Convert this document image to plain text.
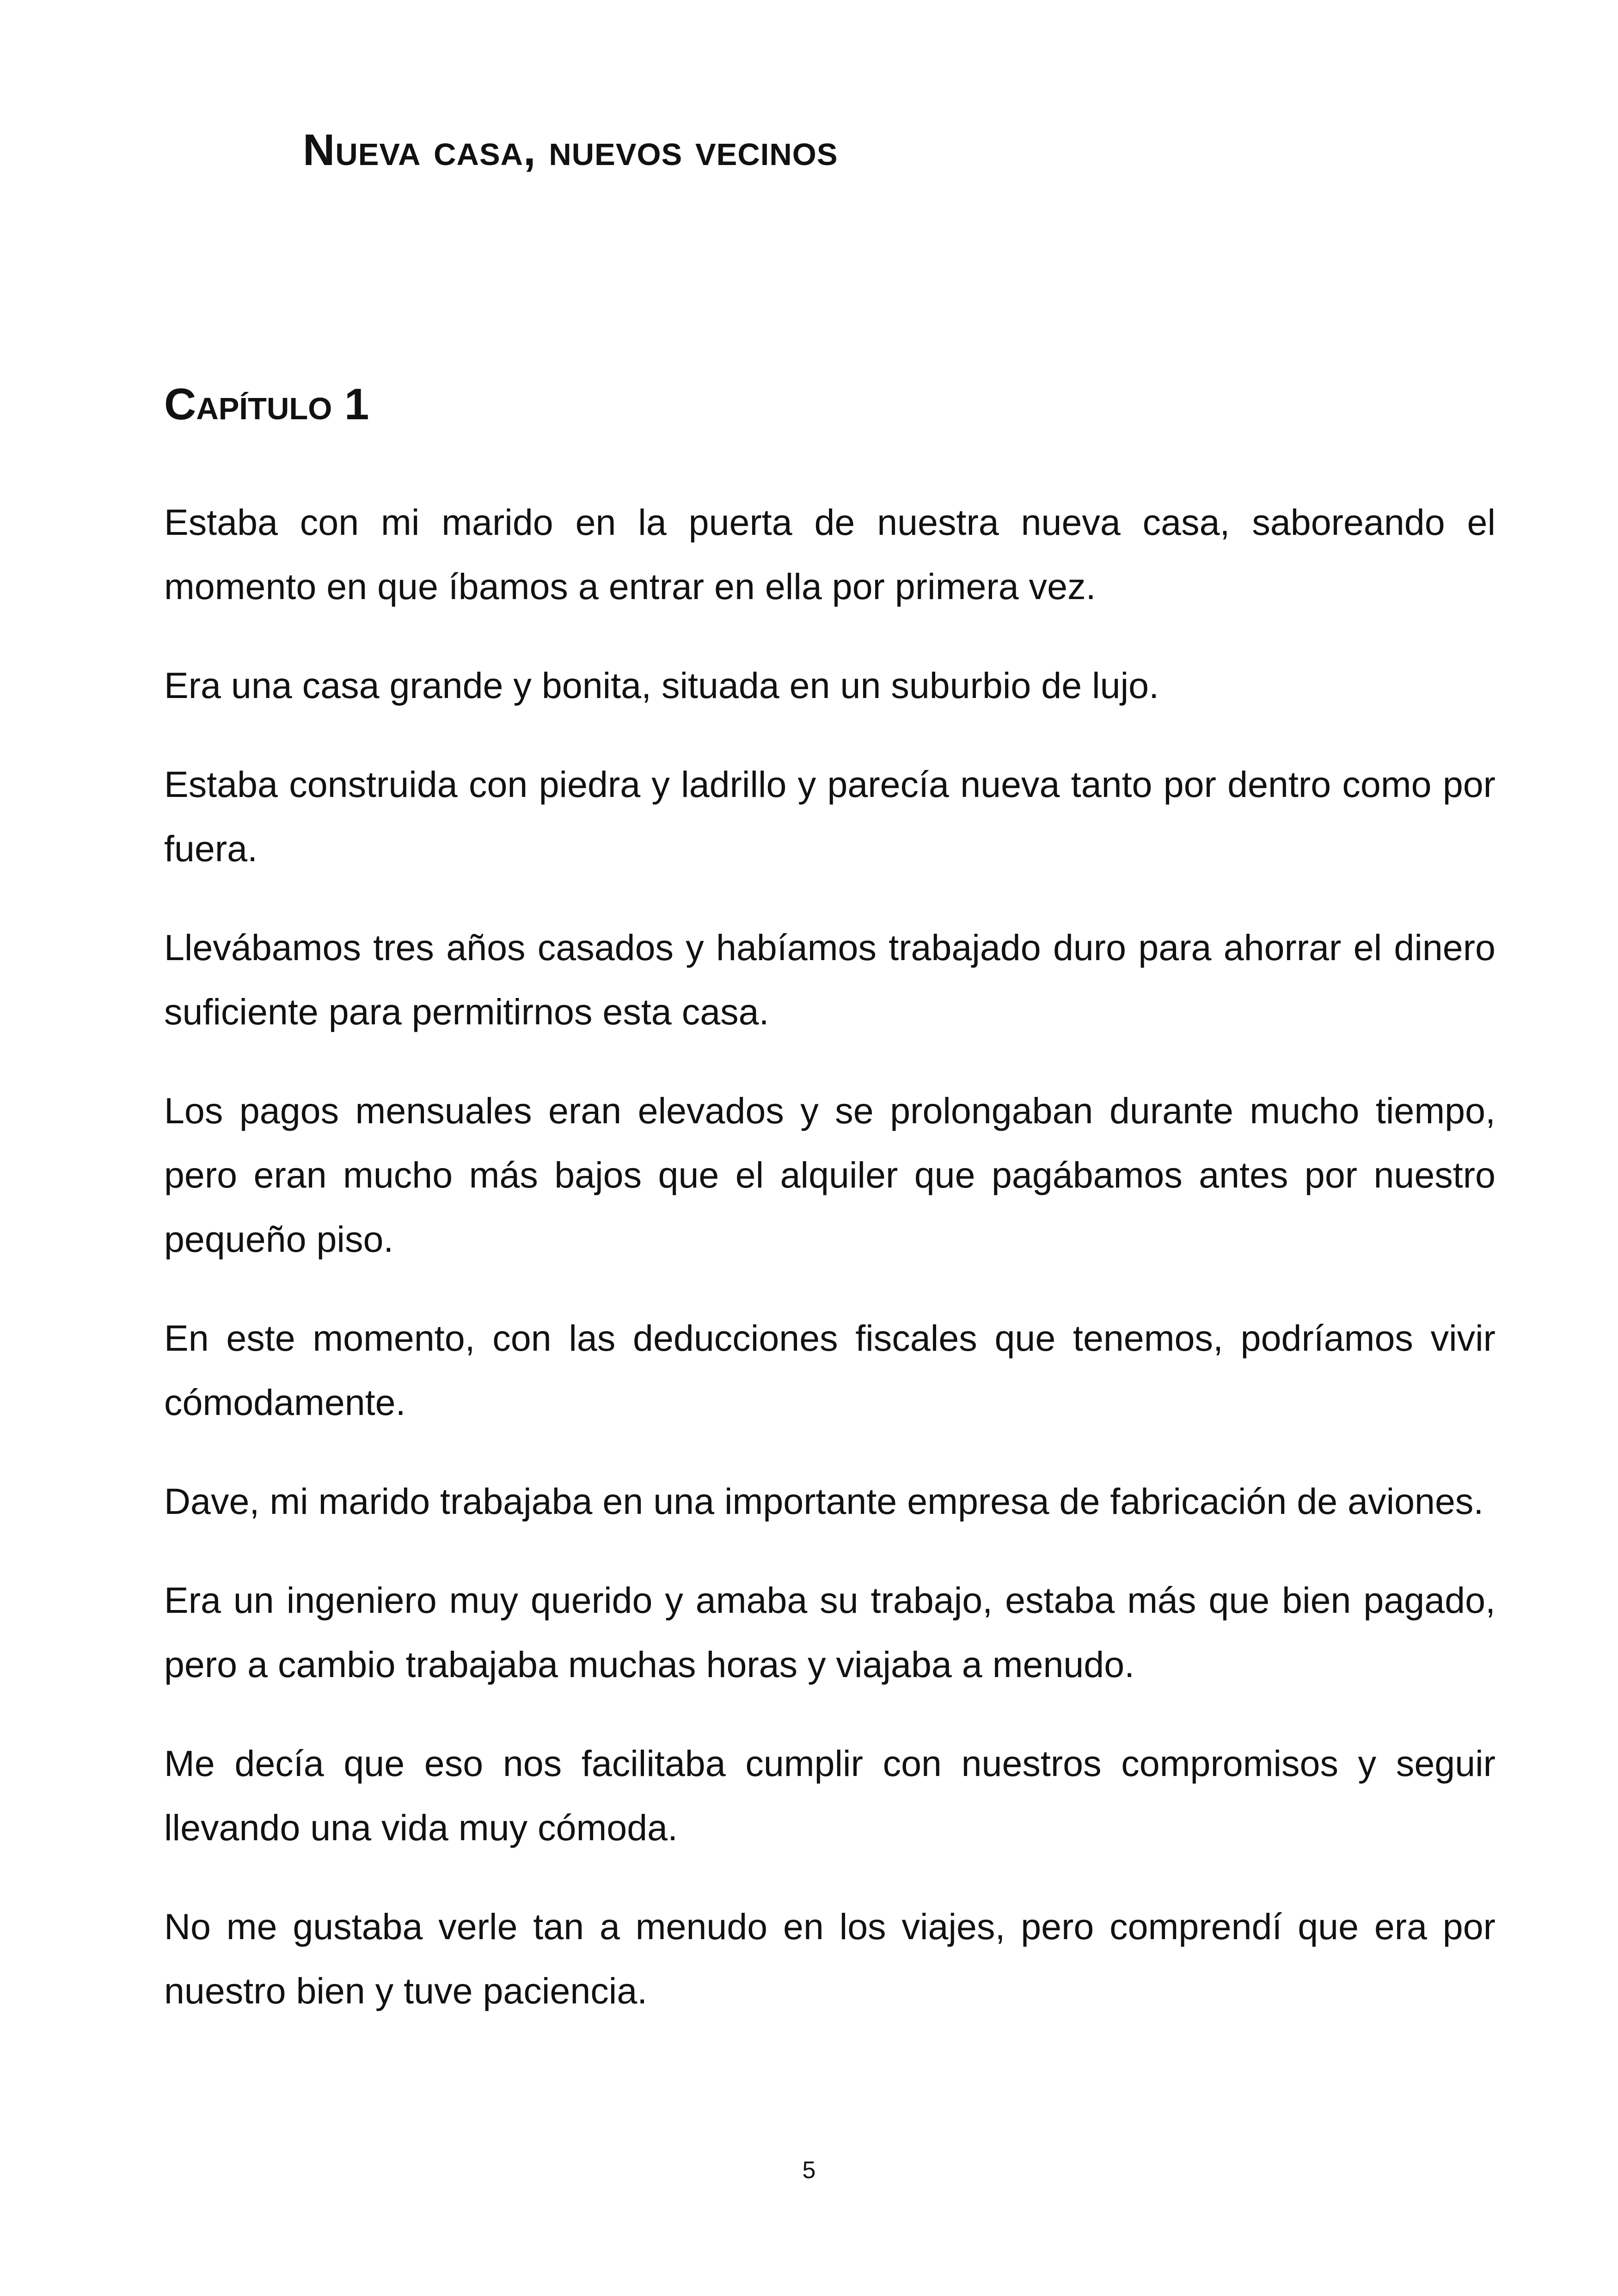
Nueva casa, nuevos vecinos
Capítulo 1

Estaba con mi marido en la puerta de nuestra nueva casa, saboreando el momento en que íbamos a entrar en ella por primera vez.

Era una casa grande y bonita, situada en un suburbio de lujo.

Estaba construida con piedra y ladrillo y parecía nueva tanto por dentro como por fuera.

Llevábamos tres años casados y habíamos trabajado duro para ahorrar el dinero suficiente para permitirnos esta casa.

Los pagos mensuales eran elevados y se prolongaban durante mucho tiempo, pero eran mucho más bajos que el alquiler que pagábamos antes por nuestro pequeño piso.

En este momento, con las deducciones fiscales que tenemos, podríamos vivir cómodamente.

Dave, mi marido trabajaba en una importante empresa de fabricación de aviones.

Era un ingeniero muy querido y amaba su trabajo, estaba más que bien pagado, pero a cambio trabajaba muchas horas y viajaba a menudo.

Me decía que eso nos facilitaba cumplir con nuestros compromisos y seguir llevando una vida muy cómoda.

No me gustaba verle tan a menudo en los viajes, pero comprendí que era por nuestro bien y tuve paciencia.

5
